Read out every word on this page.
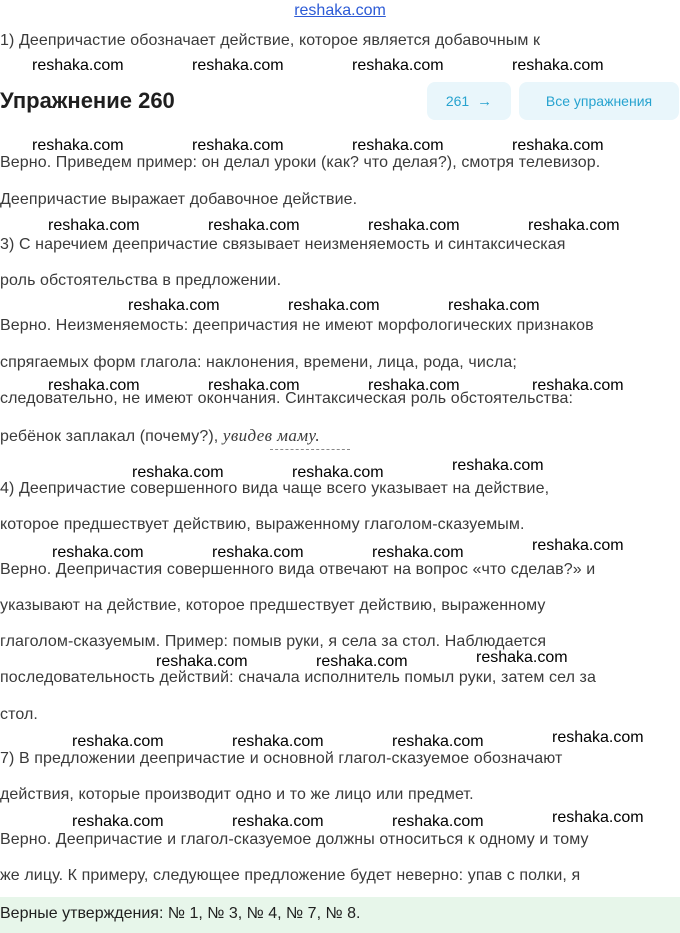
reshaka.com
1) Деепричастие обозначает действие, которое является добавочным к
Упражнение 260	261 →	Все упражнения
Верно. Приведем пример: он делал уроки (как? что делая?), смотря телевизор.
Деепричастие выражает добавочное действие.
3) С наречием деепричастие связывает неизменяемость и синтаксическая
роль обстоятельства в предложении.
Верно. Неизменяемость: деепричастия не имеют морфологических признаков
спрягаемых форм глагола: наклонения, времени, лица, рода, числа;
следовательно, не имеют окончания. Синтаксическая роль обстоятельства:
ребёнок заплакал (почему?), увидев маму.
4) Деепричастие совершенного вида чаще всего указывает на действие,
которое предшествует действию, выраженному глаголом-сказуемым.
Верно. Деепричастия совершенного вида отвечают на вопрос «что сделав?» и
указывают на действие, которое предшествует действию, выраженному
глаголом-сказуемым. Пример: помыв руки, я села за стол. Наблюдается
последовательность действий: сначала исполнитель помыл руки, затем сел за
стол.
7) В предложении деепричастие и основной глагол-сказуемое обозначают
действия, которые производит одно и то же лицо или предмет.
Верно. Деепричастие и глагол-сказуемое должны относиться к одному и тому
же лицу. К примеру, следующее предложение будет неверно: упав с полки, я
reshaka.com	reshaka.com	reshaka.com	reshaka.com
reshaka.com	reshaka.com	reshaka.com	reshaka.com
reshaka.com	reshaka.com	reshaka.com	reshaka.com
reshaka.com	reshaka.com	reshaka.com
reshaka.com	reshaka.com	reshaka.com	reshaka.com
reshaka.com	reshaka.com	reshaka.com
reshaka.com	reshaka.com	reshaka.com	reshaka.com
reshaka.com	reshaka.com	reshaka.com
reshaka.com	reshaka.com	reshaka.com	reshaka.com
reshaka.com	reshaka.com	reshaka.com	reshaka.com
Верные утверждения: № 1, № 3, № 4, № 7, № 8.
